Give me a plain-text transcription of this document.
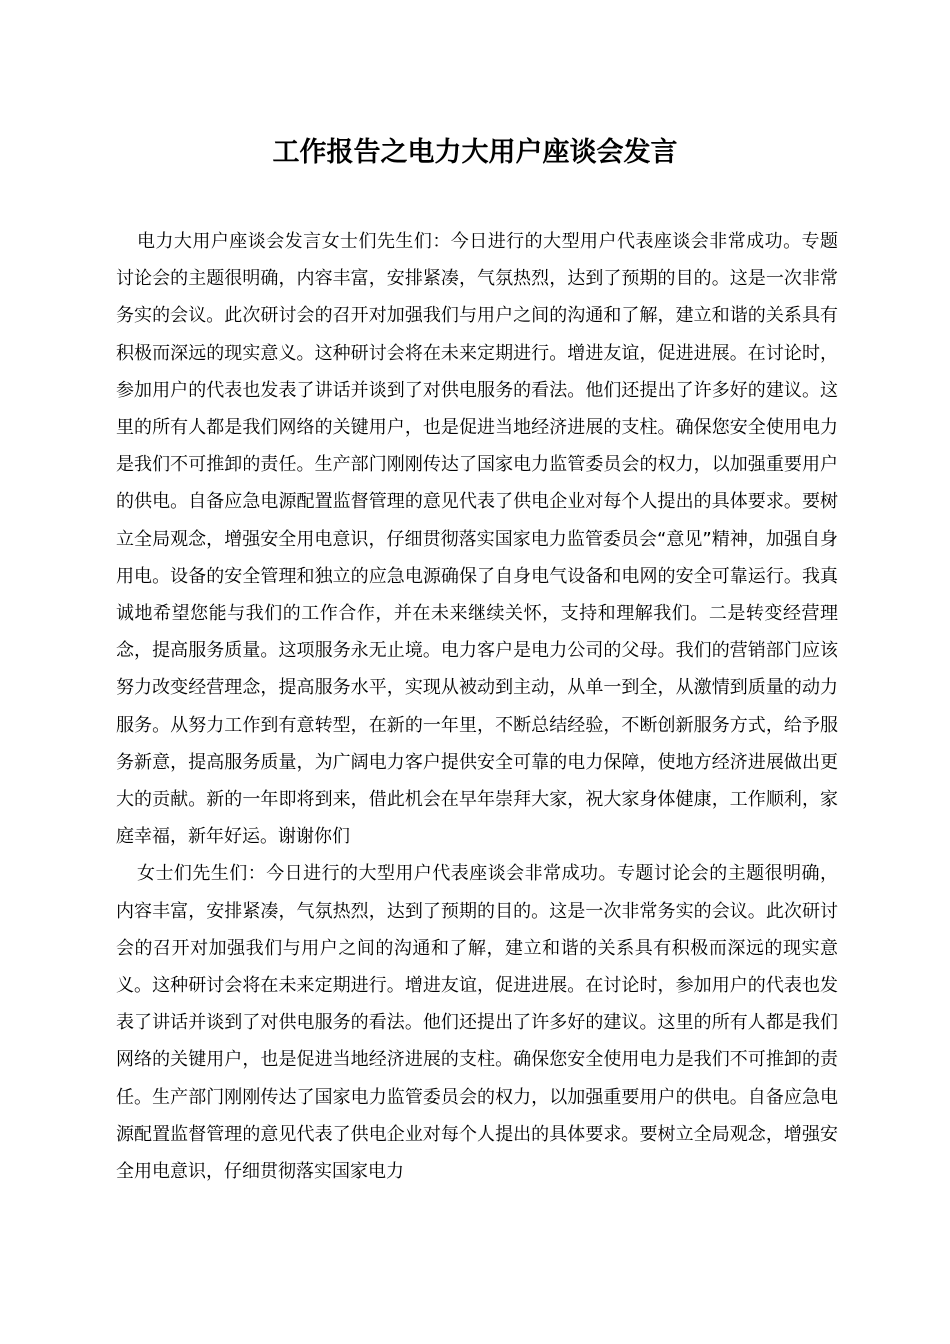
工作报告之电力大用户座谈会发言

电力大用户座谈会发言女士们先生们：今日进行的大型用户代表座谈会非常成功。专题讨论会的主题很明确，内容丰富，安排紧凑，气氛热烈，达到了预期的目的。这是一次非常务实的会议。此次研讨会的召开对加强我们与用户之间的沟通和了解，建立和谐的关系具有积极而深远的现实意义。这种研讨会将在未来定期进行。增进友谊，促进进展。在讨论时，参加用户的代表也发表了讲话并谈到了对供电服务的看法。他们还提出了许多好的建议。这里的所有人都是我们网络的关键用户，也是促进当地经济进展的支柱。确保您安全使用电力是我们不可推卸的责任。生产部门刚刚传达了国家电力监管委员会的权力，以加强重要用户的供电。自备应急电源配置监督管理的意见代表了供电企业对每个人提出的具体要求。要树立全局观念，增强安全用电意识，仔细贯彻落实国家电力监管委员会“意见”精神，加强自身用电。设备的安全管理和独立的应急电源确保了自身电气设备和电网的安全可靠运行。我真诚地希望您能与我们的工作合作，并在未来继续关怀，支持和理解我们。二是转变经营理念，提高服务质量。这项服务永无止境。电力客户是电力公司的父母。我们的营销部门应该努力改变经营理念，提高服务水平，实现从被动到主动，从单一到全，从激情到质量的动力服务。从努力工作到有意转型，在新的一年里，不断总结经验，不断创新服务方式，给予服务新意，提高服务质量，为广阔电力客户提供安全可靠的电力保障，使地方经济进展做出更大的贡献。新的一年即将到来，借此机会在早年崇拜大家，祝大家身体健康，工作顺利，家庭幸福，新年好运。谢谢你们

女士们先生们：今日进行的大型用户代表座谈会非常成功。专题讨论会的主题很明确，内容丰富，安排紧凑，气氛热烈，达到了预期的目的。这是一次非常务实的会议。此次研讨会的召开对加强我们与用户之间的沟通和了解，建立和谐的关系具有积极而深远的现实意义。这种研讨会将在未来定期进行。增进友谊，促进进展。在讨论时，参加用户的代表也发表了讲话并谈到了对供电服务的看法。他们还提出了许多好的建议。这里的所有人都是我们网络的关键用户，也是促进当地经济进展的支柱。确保您安全使用电力是我们不可推卸的责任。生产部门刚刚传达了国家电力监管委员会的权力，以加强重要用户的供电。自备应急电源配置监督管理的意见代表了供电企业对每个人提出的具体要求。要树立全局观念，增强安全用电意识，仔细贯彻落实国家电力
